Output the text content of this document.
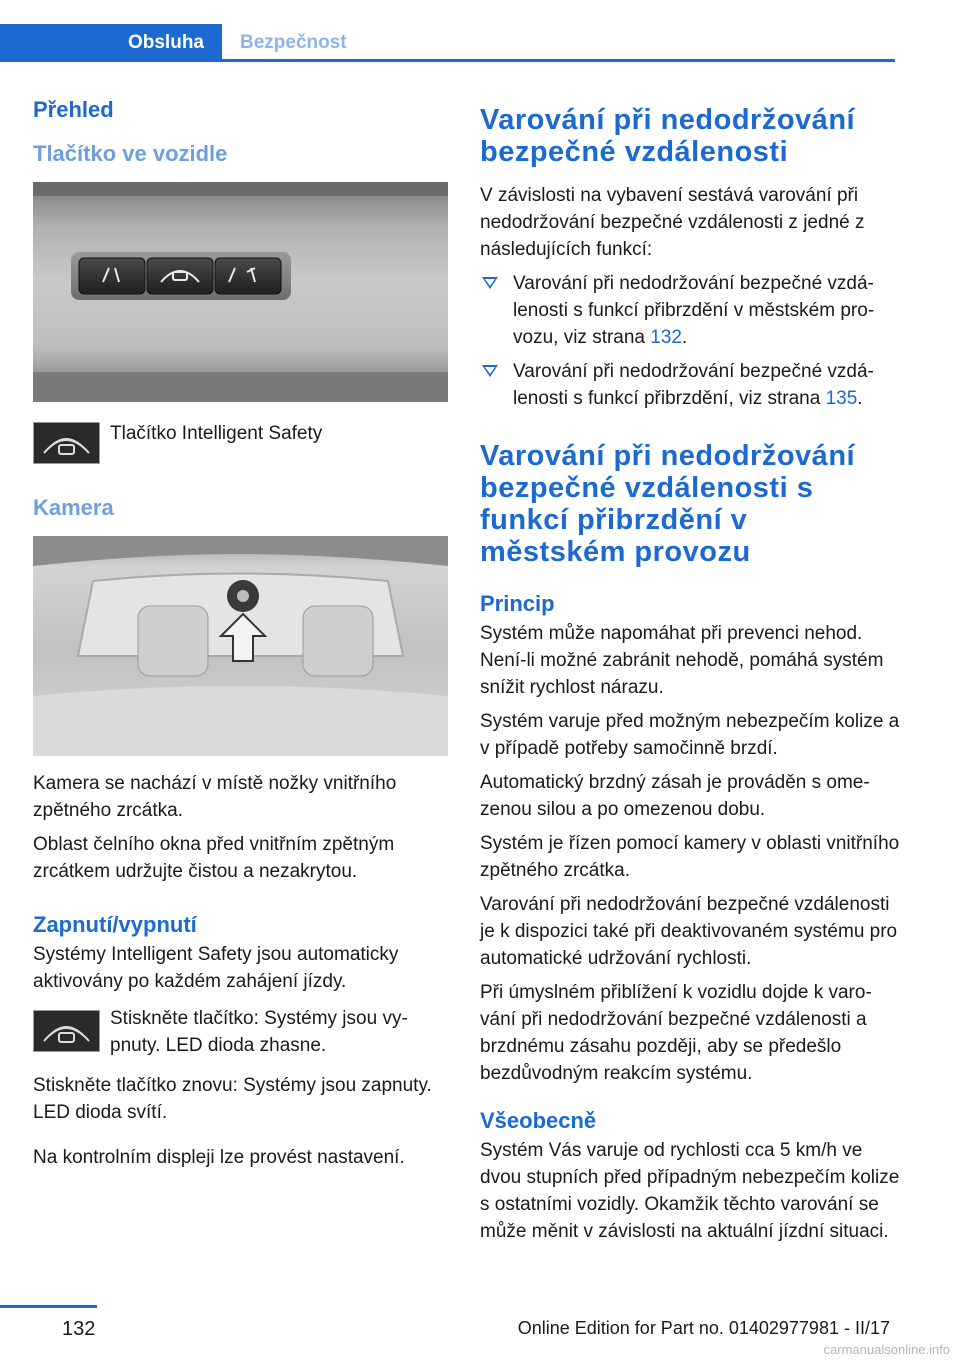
Obsluha	Bezpečnost
Přehled
Tlačítko ve vozidle
Tlačítko Intelligent Safety
Kamera

Kamera se nachází v místě nožky vnitřního zpětného zrcátka.

Oblast čelního okna před vnitřním zpětným zrcátkem udržujte čistou a nezakrytou.

Zapnutí/vypnutí

Systémy Intelligent Safety jsou automaticky aktivovány po každém zahájení jízdy.

Stiskněte tlačítko: Systémy jsou vypnuty. LED dioda zhasne.

Stiskněte tlačítko znovu: Systémy jsou zapnuty. LED dioda svítí.

Na kontrolním displeji lze provést nastavení.

Varování při nedodržování bezpečné vzdálenosti

V závislosti na vybavení sestává varování při nedodržování bezpečné vzdálenosti z jedné z následujících funkcí:

Varování při nedodržování bezpečné vzdálenosti s funkcí přibrzdění v městském provozu, viz strana 132.
Varování při nedodržování bezpečné vzdálenosti s funkcí přibrzdění, viz strana 135.
Varování při nedodržování bezpečné vzdálenosti s funkcí přibrzdění v městském provozu
Princip

Systém může napomáhat při prevenci nehod. Není-li možné zabránit nehodě, pomáhá systém snížit rychlost nárazu.

Systém varuje před možným nebezpečím kolize a v případě potřeby samočinně brzdí.

Automatický brzdný zásah je prováděn s omezenou silou a po omezenou dobu.

Systém je řízen pomocí kamery v oblasti vnitřního zpětného zrcátka.

Varování při nedodržování bezpečné vzdálenosti je k dispozici také při deaktivovaném systému pro automatické udržování rychlosti.

Při úmyslném přiblížení k vozidlu dojde k varování při nedodržování bezpečné vzdálenosti a brzdnému zásahu později, aby se předešlo bezdůvodným reakcím systému.

Všeobecně

Systém Vás varuje od rychlosti cca 5 km/h ve dvou stupních před případným nebezpečím kolize s ostatními vozidly. Okamžik těchto varování se může měnit v závislosti na aktuální jízdní situaci.

132	Online Edition for Part no. 01402977981 - II/17
carmanualsonline.info
